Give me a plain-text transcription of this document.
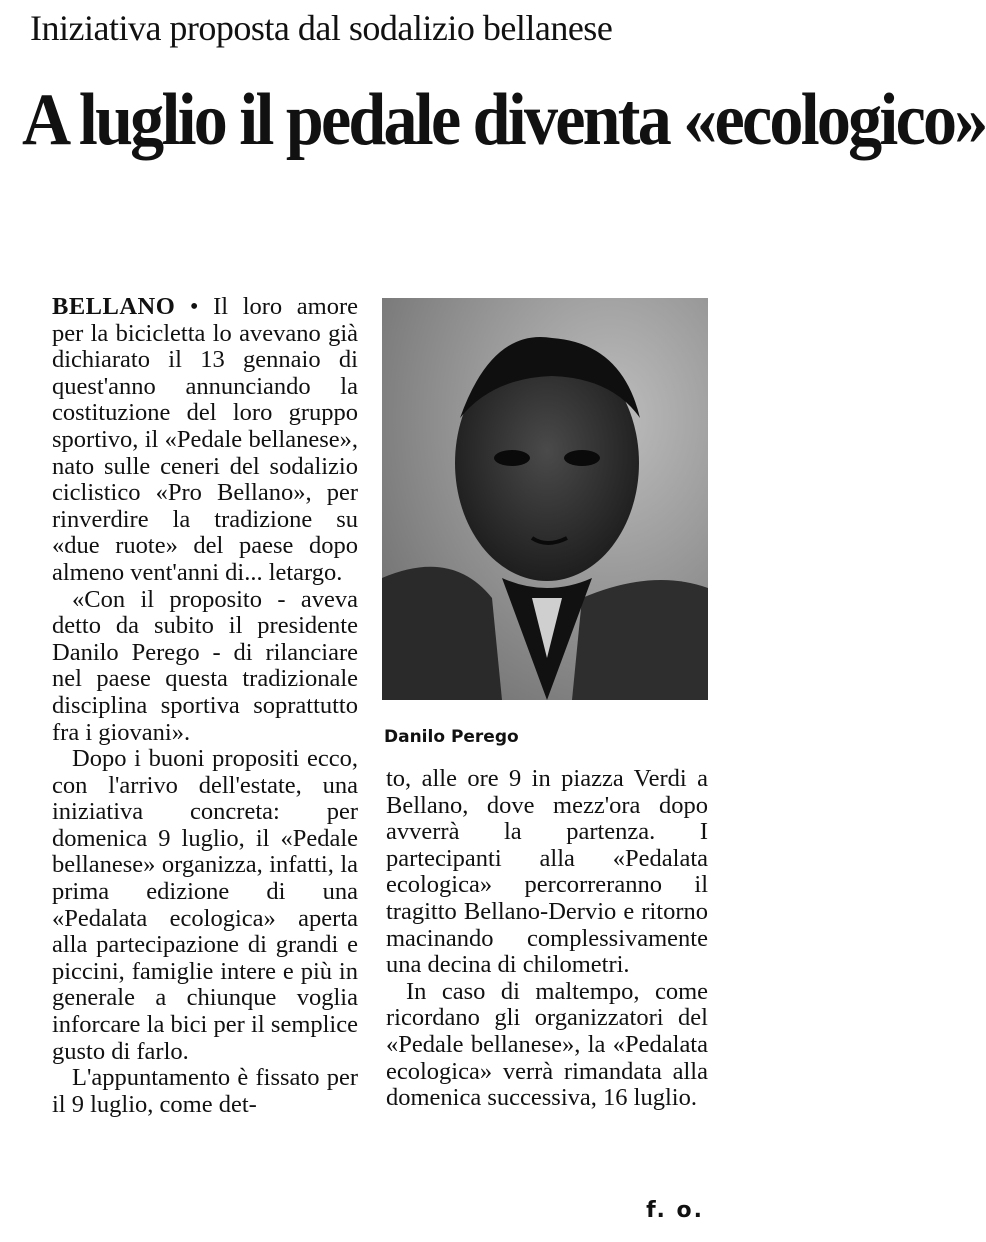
Iniziativa proposta dal sodalizio bellanese
A luglio il pedale diventa «ecologico»

BELLANO • Il loro amore per la bicicletta lo avevano già dichiarato il 13 gennaio di quest'anno annunciando la costituzione del loro gruppo sportivo, il «Pedale bellanese», nato sulle ceneri del sodalizio ciclistico «Pro Bellano», per rinverdire la tradizione su «due ruote» del paese dopo almeno vent'anni di... letargo.

«Con il proposito - aveva detto da subito il presidente Danilo Perego - di rilanciare nel paese questa tradizionale disciplina sportiva soprattutto fra i giovani».

Dopo i buoni propositi ecco, con l'arrivo dell'estate, una iniziativa concreta: per domenica 9 luglio, il «Pedale bellanese» organizza, infatti, la prima edizione di una «Pedalata ecologica» aperta alla partecipazione di grandi e piccini, famiglie intere e più in generale a chiunque voglia inforcare la bici per il semplice gusto di farlo.

L'appuntamento è fissato per il 9 luglio, come det-

Danilo Perego

to, alle ore 9 in piazza Verdi a Bellano, dove mezz'ora dopo avverrà la partenza. I partecipanti alla «Pedalata ecologica» percorreranno il tragitto Bellano-Dervio e ritorno macinando complessivamente una decina di chilometri.

In caso di maltempo, come ricordano gli organizzatori del «Pedale bellanese», la «Pedalata ecologica» verrà rimandata alla domenica successiva, 16 luglio.

f. o.
